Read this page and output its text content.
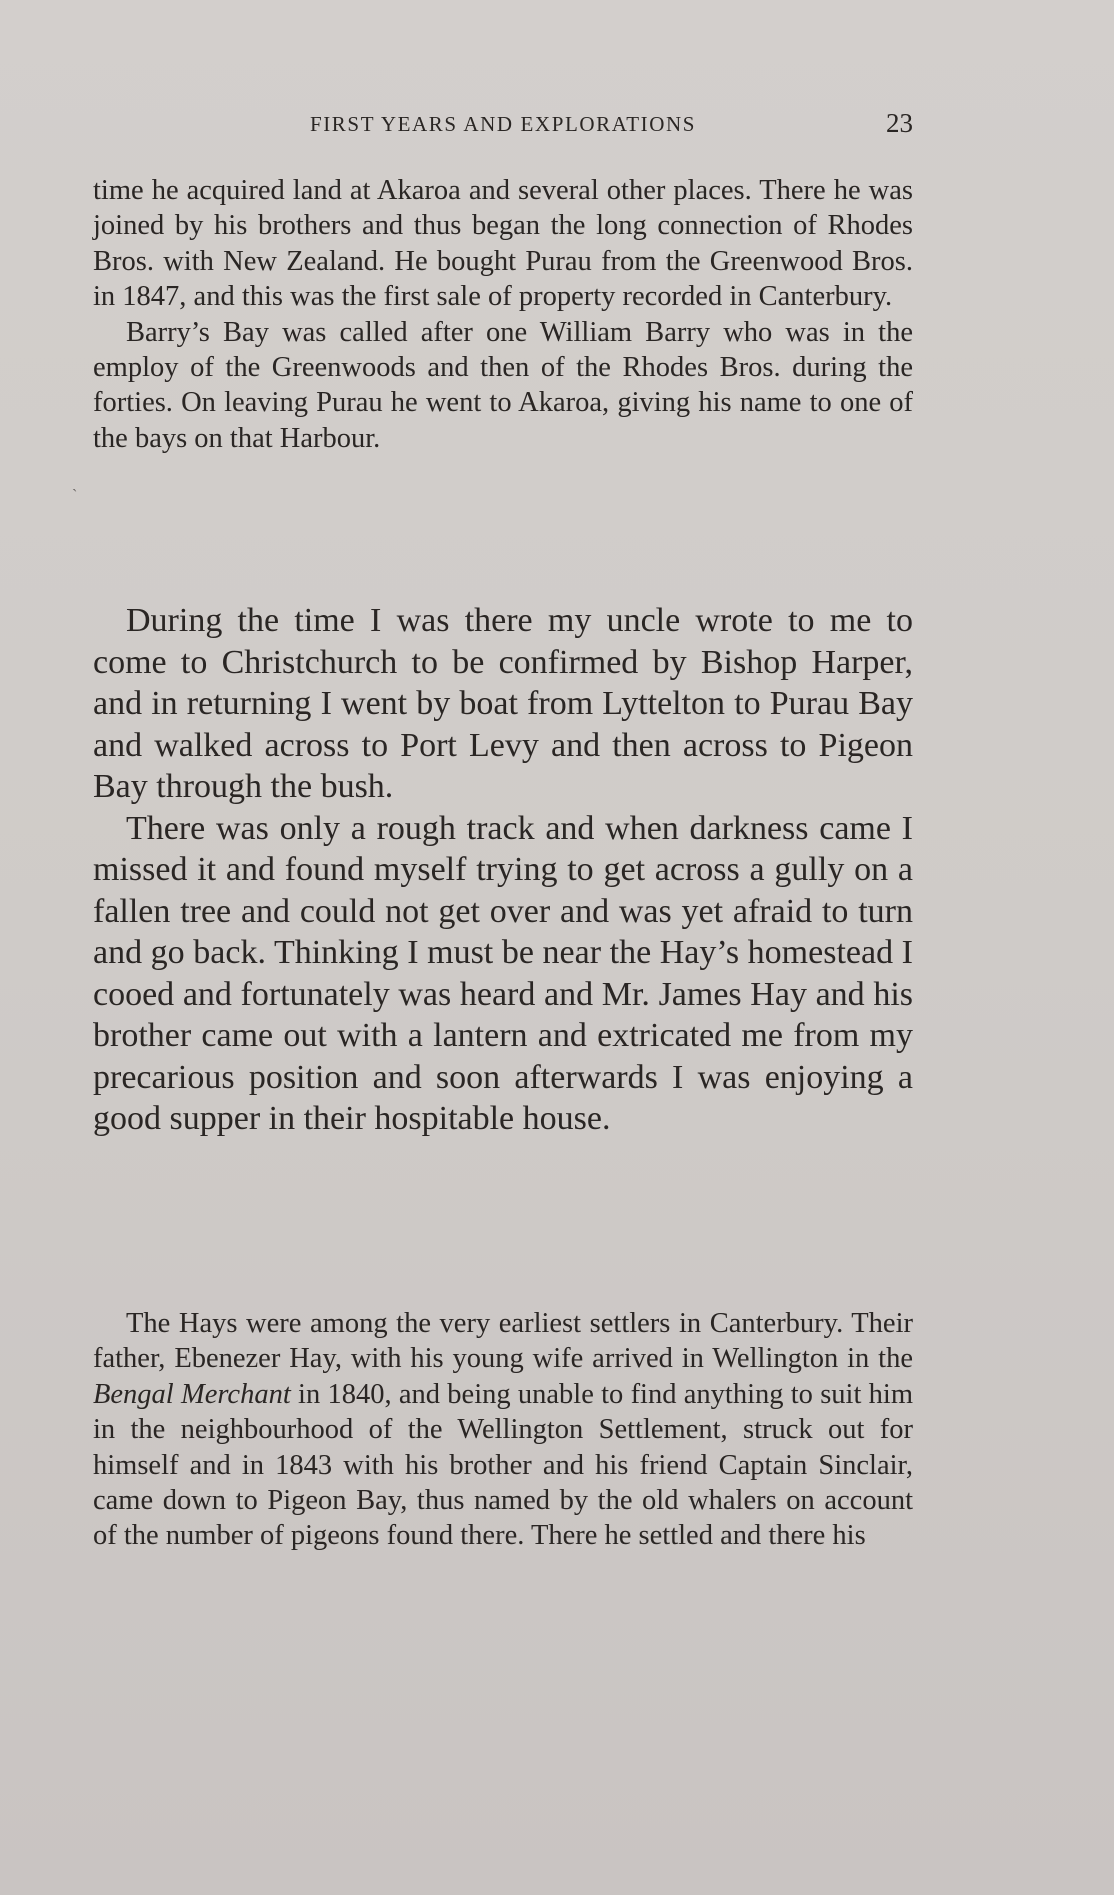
FIRST YEARS AND EXPLORATIONS	23
`

time he acquired land at Akaroa and several other places. There he was joined by his brothers and thus began the long connection of Rhodes Bros. with New Zealand. He bought Purau from the Greenwood Bros. in 1847, and this was the first sale of property recorded in Canterbury.

Barry’s Bay was called after one William Barry who was in the employ of the Greenwoods and then of the Rhodes Bros. during the forties. On leaving Purau he went to Akaroa, giving his name to one of the bays on that Harbour.

During the time I was there my uncle wrote to me to come to Christchurch to be confirmed by Bishop Harper, and in returning I went by boat from Lyttelton to Purau Bay and walked across to Port Levy and then across to Pigeon Bay through the bush.

There was only a rough track and when darkness came I missed it and found myself trying to get across a gully on a fallen tree and could not get over and was yet afraid to turn and go back. Thinking I must be near the Hay’s homestead I cooed and fortunately was heard and Mr. James Hay and his brother came out with a lantern and extricated me from my precarious position and soon afterwards I was enjoying a good supper in their hospitable house.

The Hays were among the very earliest settlers in Canterbury. Their father, Ebenezer Hay, with his young wife arrived in Wellington in the Bengal Merchant in 1840, and being unable to find anything to suit him in the neighbourhood of the Wellington Settlement, struck out for himself and in 1843 with his brother and his friend Captain Sinclair, came down to Pigeon Bay, thus named by the old whalers on account of the number of pigeons found there. There he settled and there his
